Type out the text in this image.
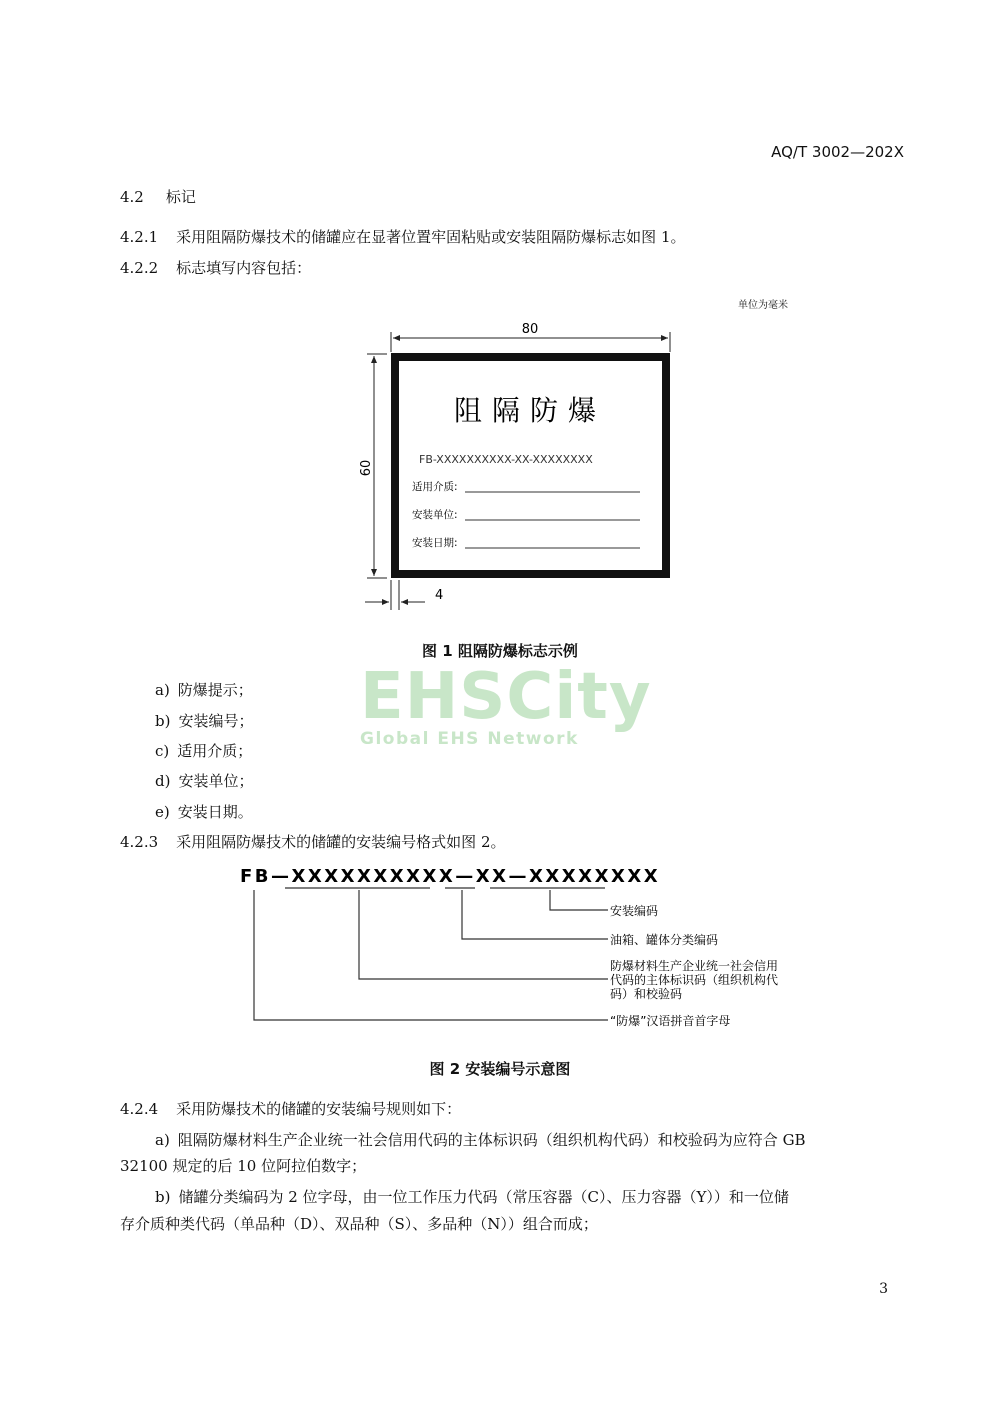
AQ/T 3002—202X
4.2 标记
4.2.1 采用阻隔防爆技术的储罐应在显著位置牢固粘贴或安装阻隔防爆标志如图 1。
4.2.2 标志填写内容包括：
单位为毫米
80
60
阻隔防爆
FB-XXXXXXXXXX-XX-XXXXXXXX
适用介质:
安装单位:
安装日期:
4
图 1 阻隔防爆标志示例
EHSCity
Global EHS Network
a) 防爆提示；
b) 安装编号；
c) 适用介质；
d) 安装单位；
e) 安装日期。
4.2.3 采用阻隔防爆技术的储罐的安装编号格式如图 2。
FB—XXXXXXXXXX—XX—XXXXXXXX
安装编码
油箱、罐体分类编码
防爆材料生产企业统一社会信用
代码的主体标识码（组织机构代
码）和校验码
“防爆”汉语拼音首字母
图 2 安装编号示意图
4.2.4 采用防爆技术的储罐的安装编号规则如下：
a) 阻隔防爆材料生产企业统一社会信用代码的主体标识码（组织机构代码）和校验码为应符合 GB
32100 规定的后 10 位阿拉伯数字；
b) 储罐分类编码为 2 位字母，由一位工作压力代码（常压容器（C）、压力容器（Y））和一位储
存介质种类代码（单品种（D）、双品种（S）、多品种（N））组合而成；
3
